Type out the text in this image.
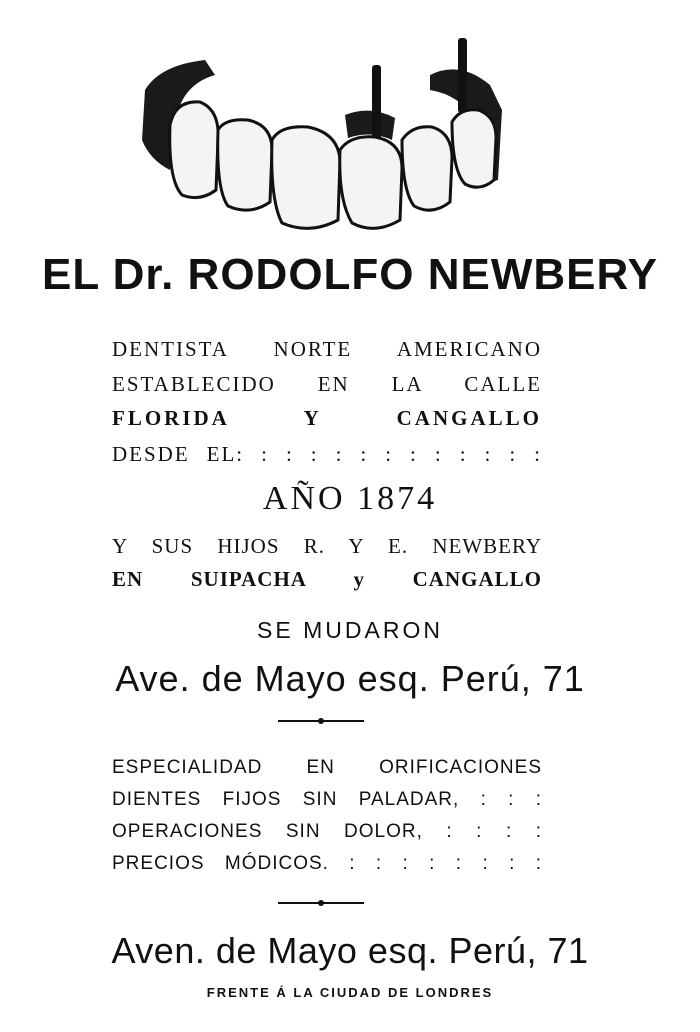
EL Dr. RODOLFO NEWBERY
DENTISTA NORTE AMERICANO
ESTABLECIDO EN LA CALLE
FLORIDA Y CANGALLO
DESDE EL: : : : : : : : : : : : :
AÑO 1874
Y SUS HIJOS R. Y E. NEWBERY
EN SUIPACHA y CANGALLO
SE MUDARON
Ave. de Mayo esq. Perú, 71
ESPECIALIDAD EN ORIFICACIONES
DIENTES FIJOS SIN PALADAR, : : :
OPERACIONES SIN DOLOR, : : : :
PRECIOS MÓDICOS. : : : : : : : :
Aven. de Mayo esq. Perú, 71
FRENTE Á LA CIUDAD DE LONDRES
